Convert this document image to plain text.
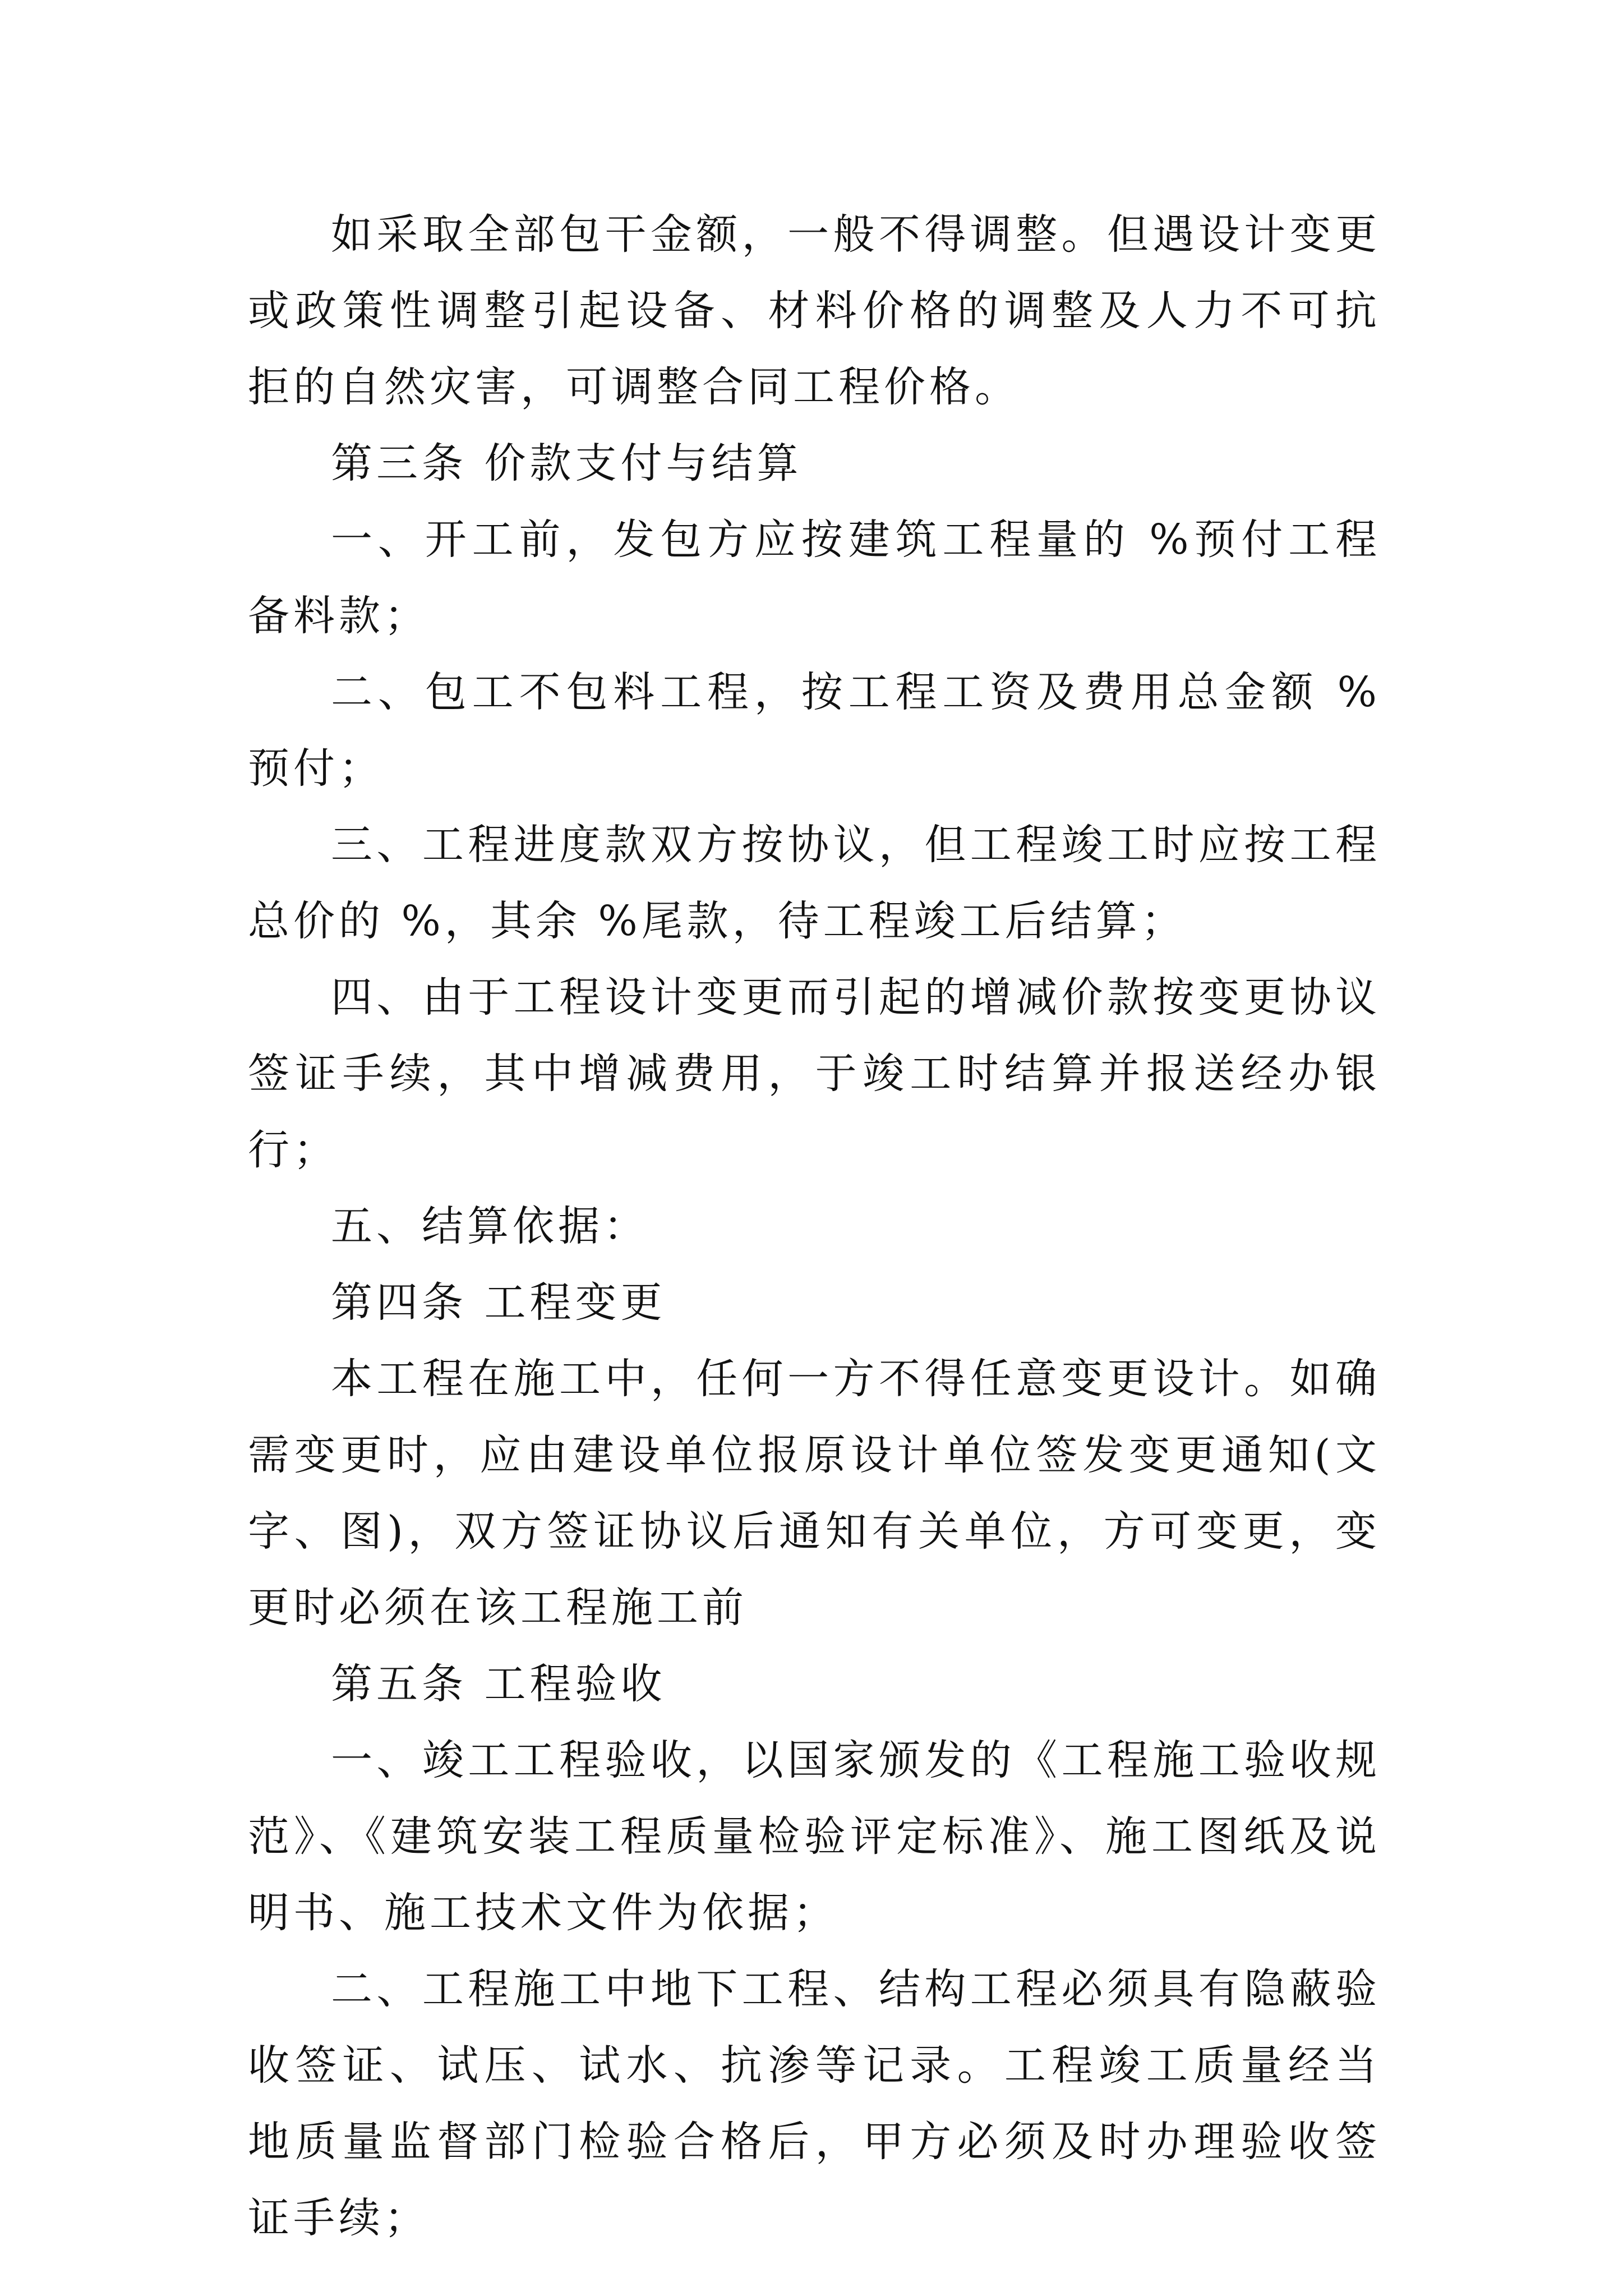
如采取全部包干金额，一般不得调整。但遇设计变更或政策性调整引起设备、材料价格的调整及人力不可抗拒的自然灾害，可调整合同工程价格。

第三条 价款支付与结算

一、开工前，发包方应按建筑工程量的 %预付工程备料款；

二、包工不包料工程，按工程工资及费用总金额 %预付；

三、工程进度款双方按协议，但工程竣工时应按工程总价的 %，其余 %尾款，待工程竣工后结算；

四、由于工程设计变更而引起的增减价款按变更协议签证手续，其中增减费用，于竣工时结算并报送经办银行；

五、结算依据：

第四条 工程变更

本工程在施工中，任何一方不得任意变更设计。如确需变更时，应由建设单位报原设计单位签发变更通知(文字、图)，双方签证协议后通知有关单位，方可变更，变更时必须在该工程施工前

第五条 工程验收

一、竣工工程验收，以国家颁发的《工程施工验收规范》、《建筑安装工程质量检验评定标准》、施工图纸及说明书、施工技术文件为依据；

二、工程施工中地下工程、结构工程必须具有隐蔽验收签证、试压、试水、抗渗等记录。工程竣工质量经当地质量监督部门检验合格后，甲方必须及时办理验收签证手续；
